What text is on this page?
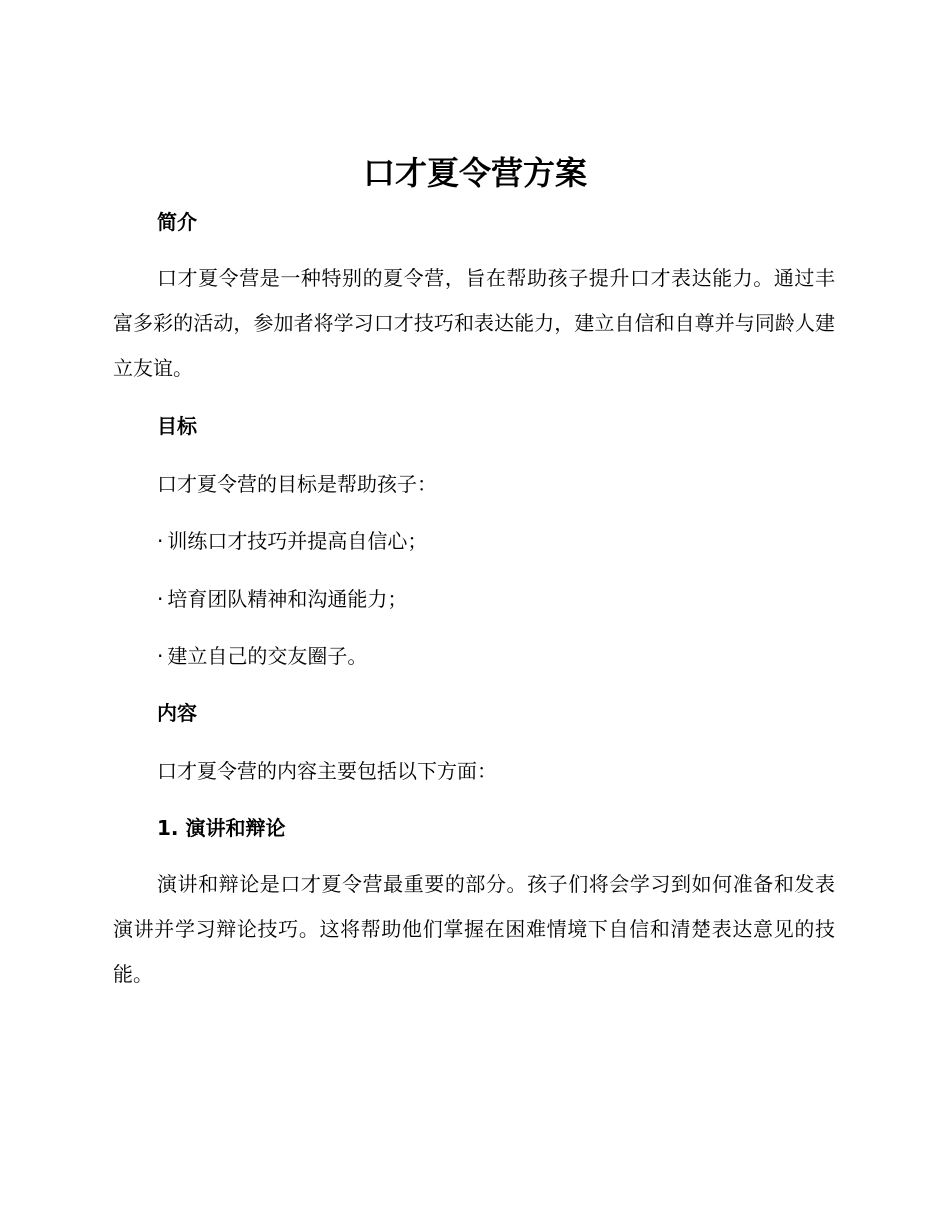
口才夏令营方案
简介

口才夏令营是一种特别的夏令营，旨在帮助孩子提升口才表达能力。通过丰富多彩的活动，参加者将学习口才技巧和表达能力，建立自信和自尊并与同龄人建立友谊。

目标

口才夏令营的目标是帮助孩子：

· 训练口才技巧并提高自信心；

· 培育团队精神和沟通能力；

· 建立自己的交友圈子。

内容

口才夏令营的内容主要包括以下方面：

1. 演讲和辩论

演讲和辩论是口才夏令营最重要的部分。孩子们将会学习到如何准备和发表演讲并学习辩论技巧。这将帮助他们掌握在困难情境下自信和清楚表达意见的技能。
